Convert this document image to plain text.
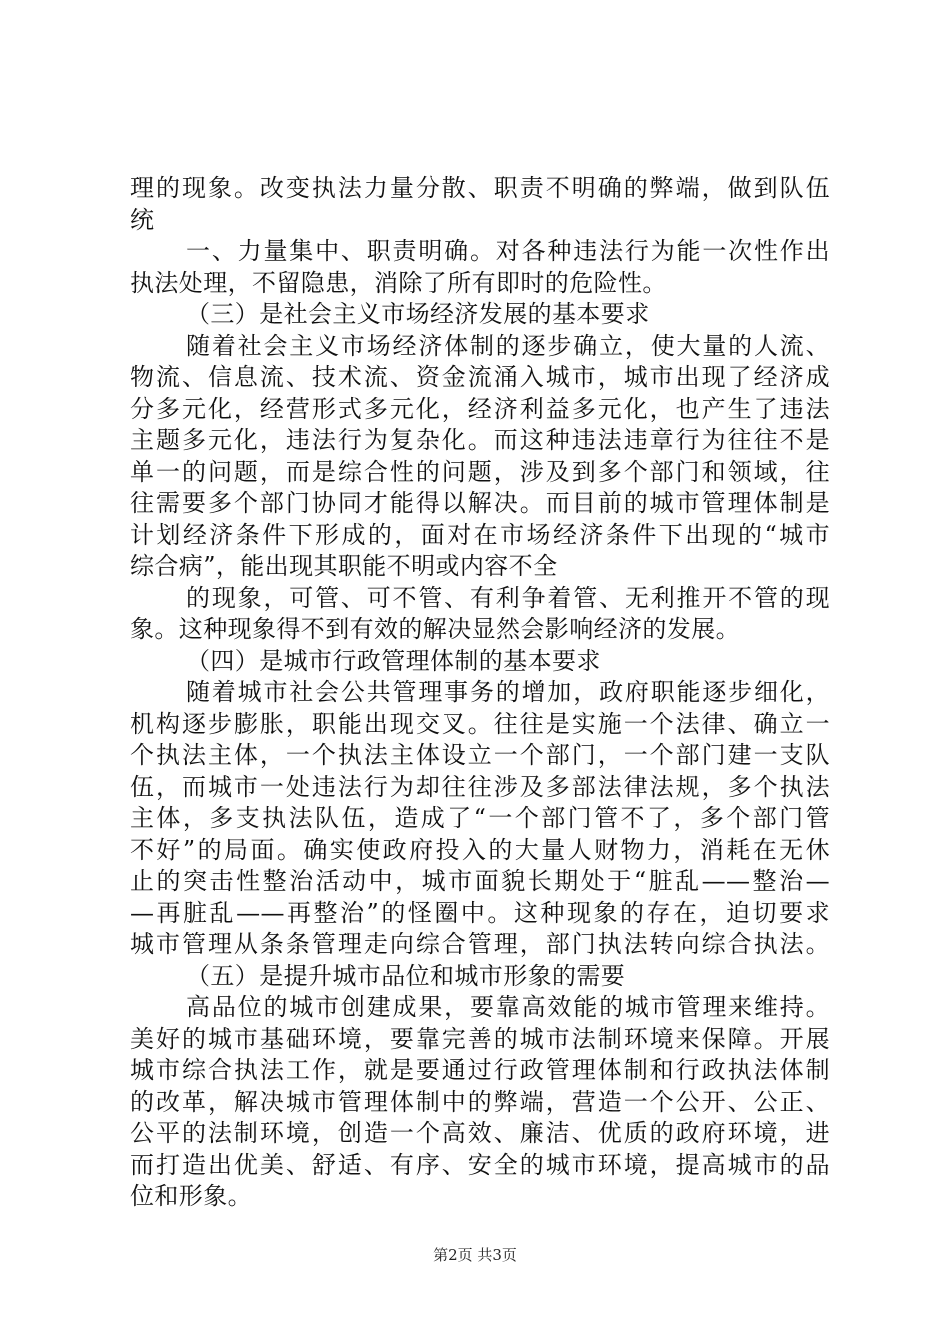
理的现象。改变执法力量分散、职责不明确的弊端，做到队伍
统
一、力量集中、职责明确。对各种违法行为能一次性作出
执法处理，不留隐患，消除了所有即时的危险性。
（三）是社会主义市场经济发展的基本要求
随着社会主义市场经济体制的逐步确立，使大量的人流、
物流、信息流、技术流、资金流涌入城市，城市出现了经济成
分多元化，经营形式多元化，经济利益多元化，也产生了违法
主题多元化，违法行为复杂化。而这种违法违章行为往往不是
单一的问题，而是综合性的问题，涉及到多个部门和领域，往
往需要多个部门协同才能得以解决。而目前的城市管理体制是
计划经济条件下形成的，面对在市场经济条件下出现的“城市
综合病”，能出现其职能不明或内容不全
的现象，可管、可不管、有利争着管、无利推开不管的现
象。这种现象得不到有效的解决显然会影响经济的发展。
（四）是城市行政管理体制的基本要求
随着城市社会公共管理事务的增加，政府职能逐步细化，
机构逐步膨胀，职能出现交叉。往往是实施一个法律、确立一
个执法主体，一个执法主体设立一个部门，一个部门建一支队
伍，而城市一处违法行为却往往涉及多部法律法规，多个执法
主体，多支执法队伍，造成了“一个部门管不了，多个部门管
不好”的局面。确实使政府投入的大量人财物力，消耗在无休
止的突击性整治活动中，城市面貌长期处于“脏乱——整治—
—再脏乱——再整治”的怪圈中。这种现象的存在，迫切要求
城市管理从条条管理走向综合管理，部门执法转向综合执法。
（五）是提升城市品位和城市形象的需要
高品位的城市创建成果，要靠高效能的城市管理来维持。
美好的城市基础环境，要靠完善的城市法制环境来保障。开展
城市综合执法工作，就是要通过行政管理体制和行政执法体制
的改革，解决城市管理体制中的弊端，营造一个公开、公正、
公平的法制环境，创造一个高效、廉洁、优质的政府环境，进
而打造出优美、舒适、有序、安全的城市环境，提高城市的品
位和形象。
第2页 共3页
